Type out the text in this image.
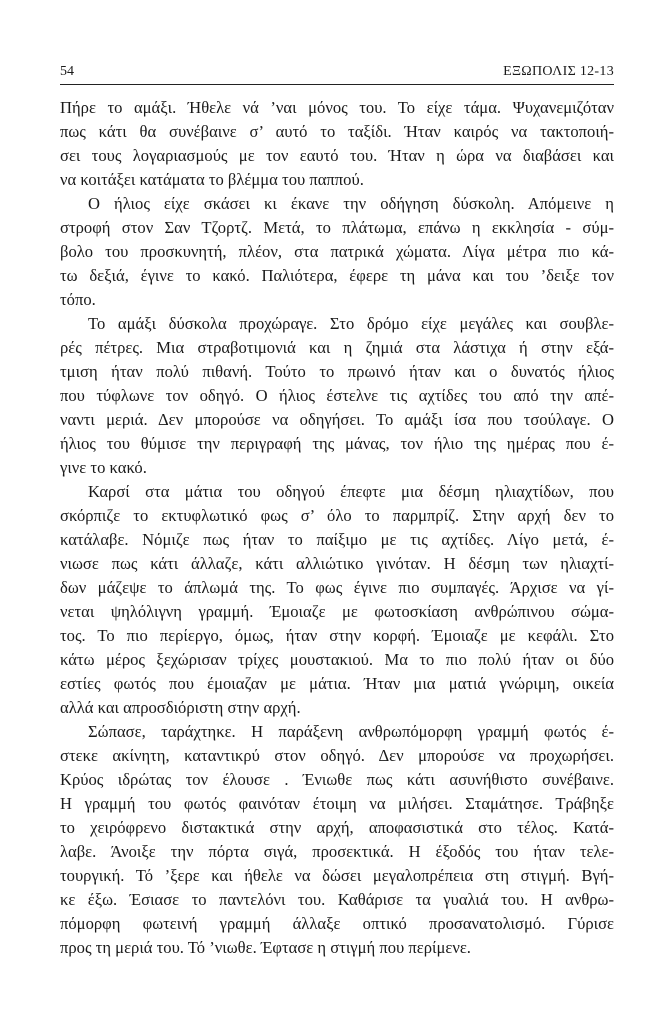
54	ΕΞΩΠΟΛΙΣ 12-13

Πήρε το αμάξι. Ήθελε νά ’ναι μόνος του. Το είχε τάμα. Ψυχανεμιζόταν
πως κάτι θα συνέβαινε σ’ αυτό το ταξίδι. Ήταν καιρός να τακτοποιή-
σει τους λογαριασμούς με τον εαυτό του. Ήταν η ώρα να διαβάσει και
να κοιτάξει κατάματα το βλέμμα του παππού.

Ο ήλιος είχε σκάσει κι έκανε την οδήγηση δύσκολη. Απόμεινε η
στροφή στον Σαν Τζορτζ. Μετά, το πλάτωμα, επάνω η εκκλησία - σύμ-
βολο του προσκυνητή, πλέον, στα πατρικά χώματα. Λίγα μέτρα πιο κά-
τω δεξιά, έγινε το κακό. Παλιότερα, έφερε τη μάνα και του ’δειξε τον
τόπο.

Το αμάξι δύσκολα προχώραγε. Στο δρόμο είχε μεγάλες και σουβλε-
ρές πέτρες. Μια στραβοτιμονιά και η ζημιά στα λάστιχα ή στην εξά-
τμιση ήταν πολύ πιθανή. Τούτο το πρωινό ήταν και ο δυνατός ήλιος
που τύφλωνε τον οδηγό. Ο ήλιος έστελνε τις αχτίδες του από την απέ-
ναντι μεριά. Δεν μπορούσε να οδηγήσει. Το αμάξι ίσα που τσούλαγε. Ο
ήλιος του θύμισε την περιγραφή της μάνας, τον ήλιο της ημέρας που έ-
γινε το κακό.

Καρσί στα μάτια του οδηγού έπεφτε μια δέσμη ηλιαχτίδων, που
σκόρπιζε το εκτυφλωτικό φως σ’ όλο το παρμπρίζ. Στην αρχή δεν το
κατάλαβε. Νόμιζε πως ήταν το παίξιμο με τις αχτίδες. Λίγο μετά, έ-
νιωσε πως κάτι άλλαζε, κάτι αλλιώτικο γινόταν. Η δέσμη των ηλιαχτί-
δων μάζεψε το άπλωμά της. Το φως έγινε πιο συμπαγές. Άρχισε να γί-
νεται ψηλόλιγνη γραμμή. Έμοιαζε με φωτοσκίαση ανθρώπινου σώμα-
τος. Το πιο περίεργο, όμως, ήταν στην κορφή. Έμοιαζε με κεφάλι. Στο
κάτω μέρος ξεχώρισαν τρίχες μουστακιού. Μα το πιο πολύ ήταν οι δύο
εστίες φωτός που έμοιαζαν με μάτια. Ήταν μια ματιά γνώριμη, οικεία
αλλά και απροσδιόριστη στην αρχή.

Σώπασε, ταράχτηκε. Η παράξενη ανθρωπόμορφη γραμμή φωτός έ-
στεκε ακίνητη, καταντικρύ στον οδηγό. Δεν μπορούσε να προχωρήσει.
Κρύος ιδρώτας τον έλουσε . Ένιωθε πως κάτι ασυνήθιστο συνέβαινε.
Η γραμμή του φωτός φαινόταν έτοιμη να μιλήσει. Σταμάτησε. Τράβηξε
το χειρόφρενο διστακτικά στην αρχή, αποφασιστικά στο τέλος. Κατά-
λαβε. Άνοιξε την πόρτα σιγά, προσεκτικά. Η έξοδός του ήταν τελε-
τουργική. Τό ’ξερε και ήθελε να δώσει μεγαλοπρέπεια στη στιγμή. Βγή-
κε έξω. Έσιασε το παντελόνι του. Καθάρισε τα γυαλιά του. Η ανθρω-
πόμορφη φωτεινή γραμμή άλλαξε οπτικό προσανατολισμό. Γύρισε
προς τη μεριά του. Τό ’νιωθε. Έφτασε η στιγμή που περίμενε.
